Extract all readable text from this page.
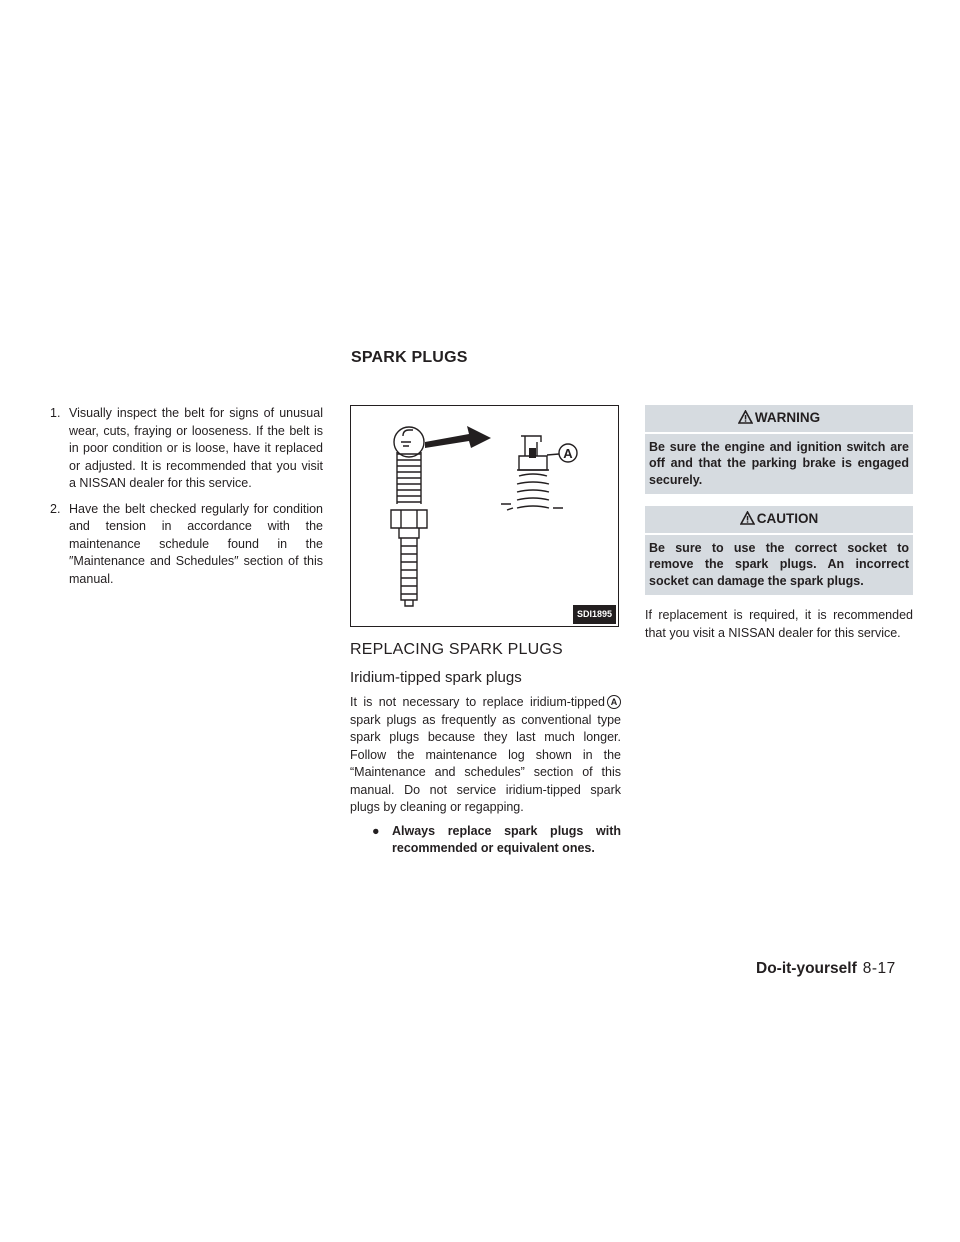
SPARK PLUGS
1. Visually inspect the belt for signs of unusual wear, cuts, fraying or looseness. If the belt is in poor condition or is loose, have it replaced or adjusted. It is recommended that you visit a NISSAN dealer for this service.
2. Have the belt checked regularly for condition and tension in accordance with the maintenance schedule found in the ″Maintenance and Schedules″ section of this manual.
A
SDI1895
REPLACING SPARK PLUGS
Iridium-tipped spark plugs

It is not necessary to replace iridium-tipped A spark plugs as frequently as conventional type spark plugs because they last much longer. Follow the maintenance log shown in the “Maintenance and schedules” section of this manual. Do not service iridium-tipped spark plugs by cleaning or regapping.

● Always replace spark plugs with recommended or equivalent ones.
WARNING
Be sure the engine and ignition switch are off and that the parking brake is engaged securely.
CAUTION
Be sure to use the correct socket to remove the spark plugs. An incorrect socket can damage the spark plugs.

If replacement is required, it is recommended that you visit a NISSAN dealer for this service.

Do-it-yourself 8-17
